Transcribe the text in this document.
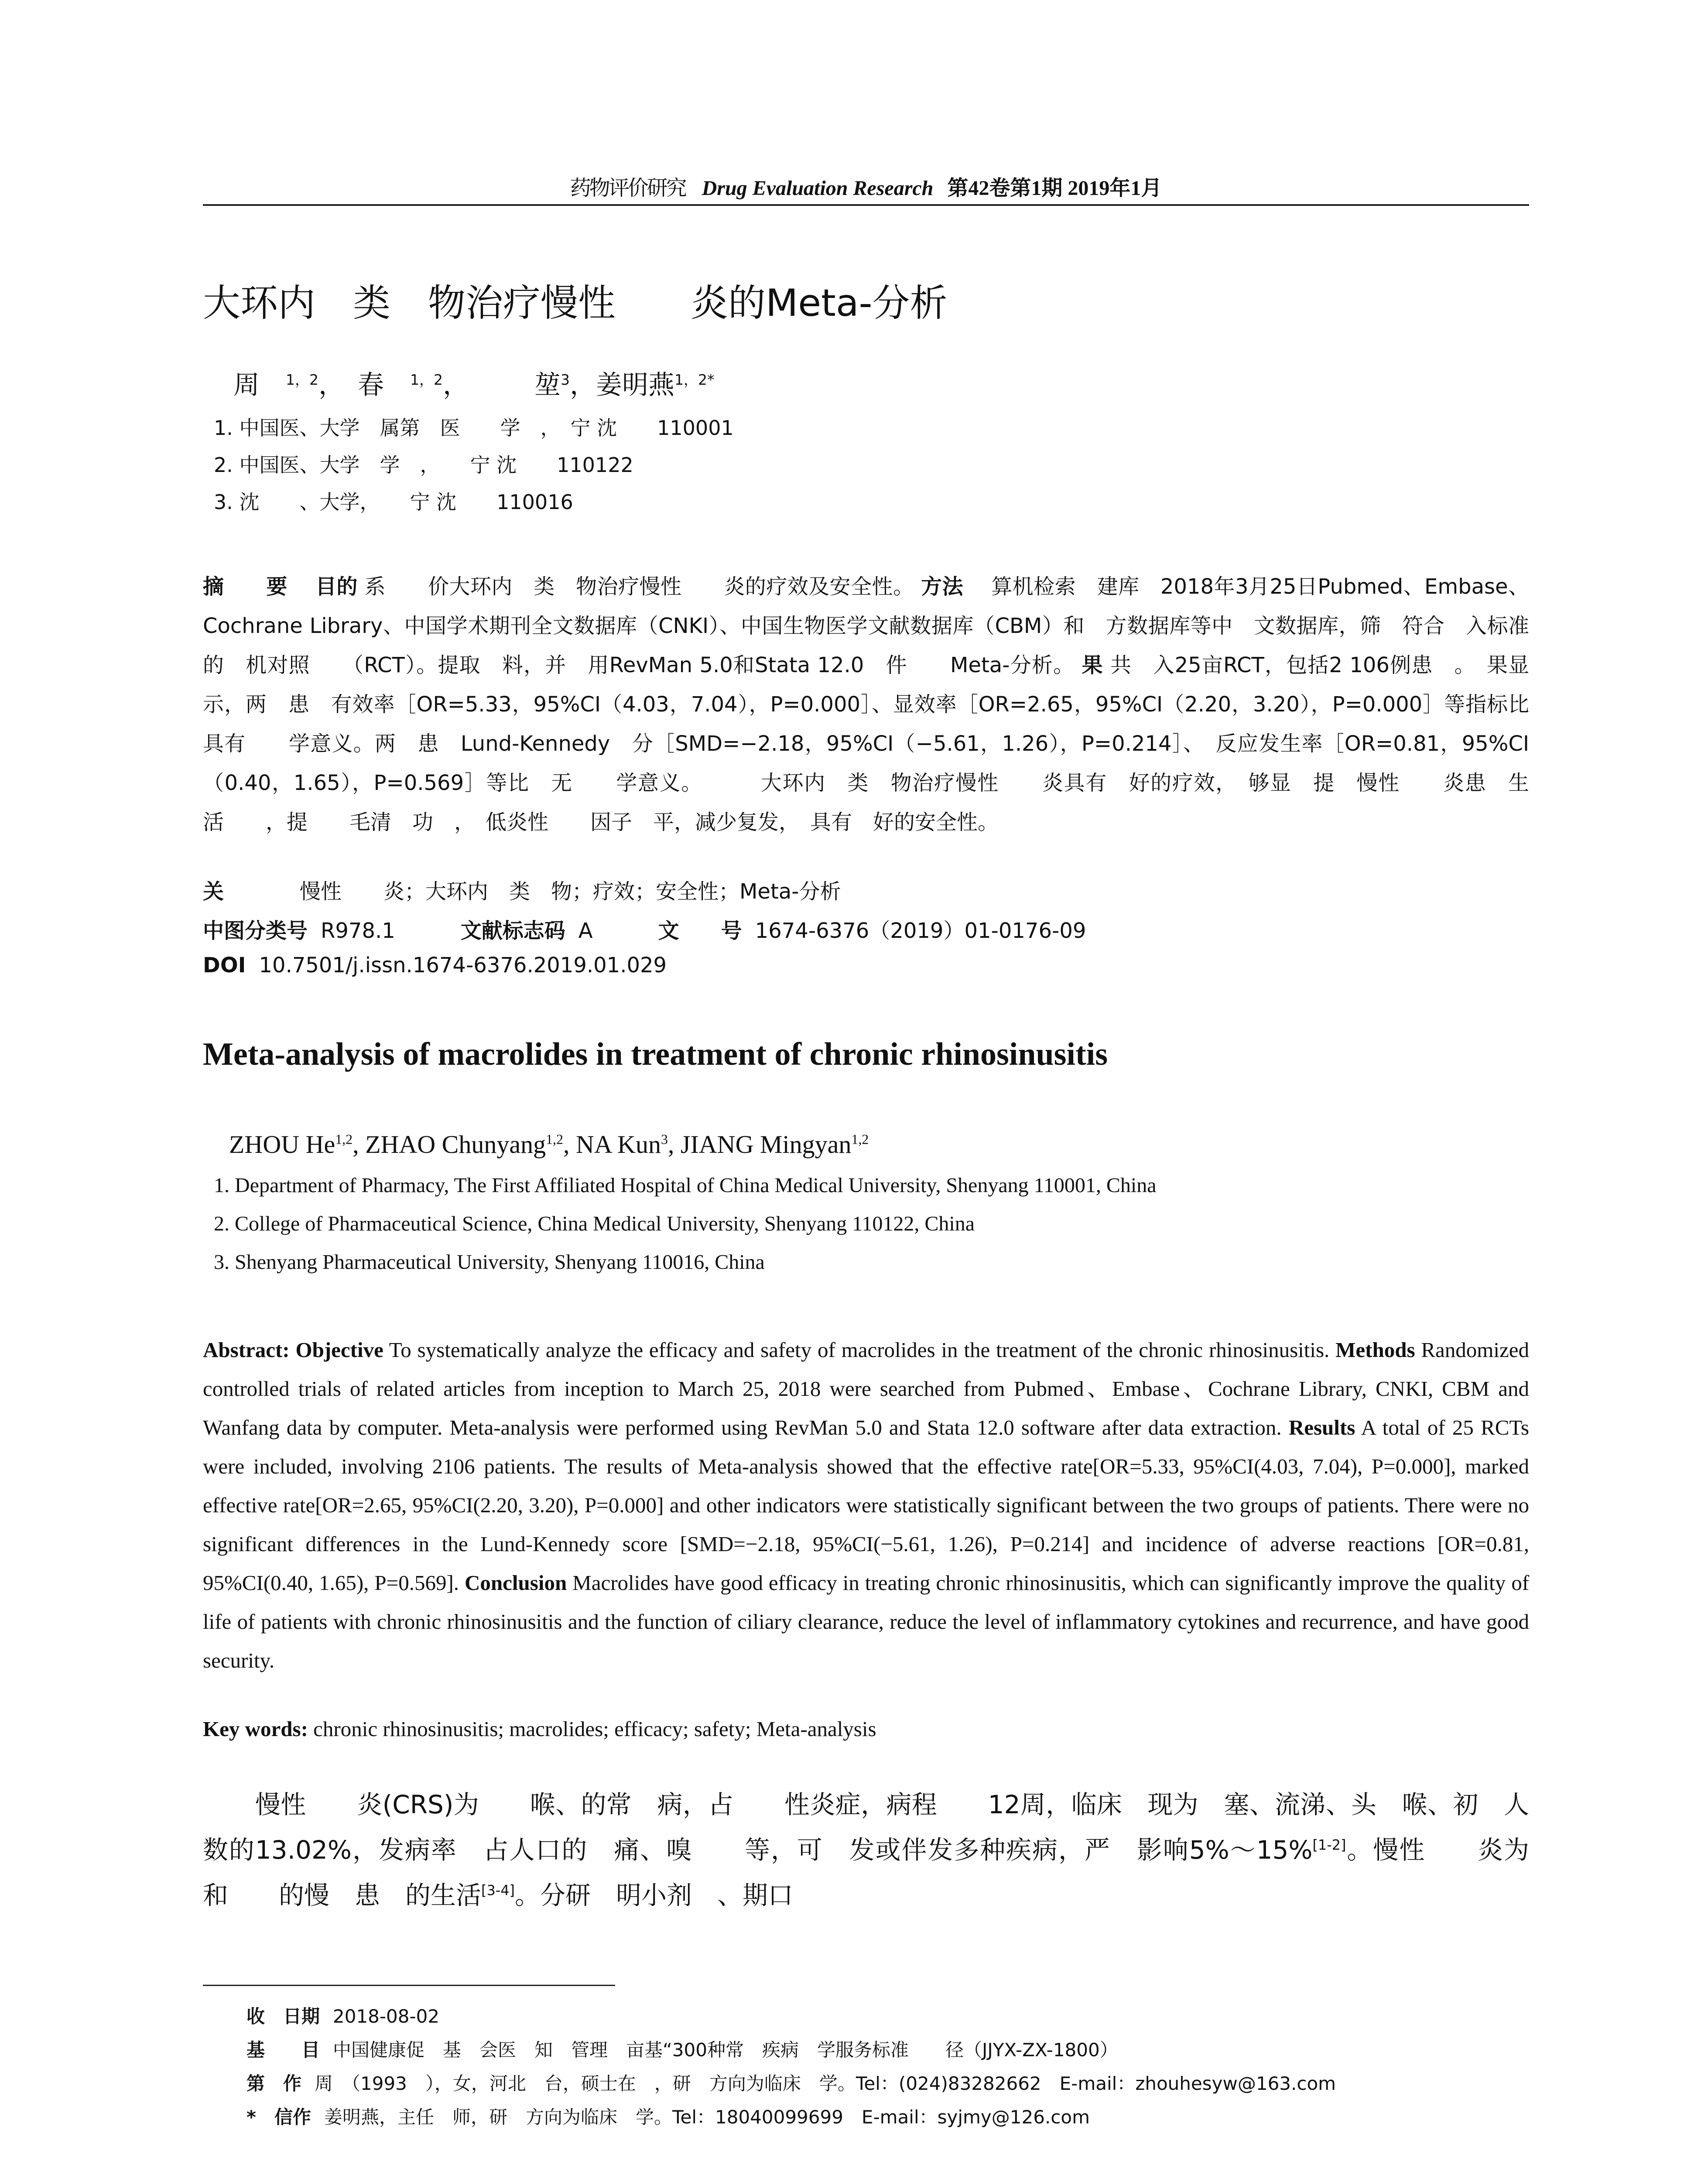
药物评价研究 Drug Evaluation Research 第42卷第1期 2019年1月
大环内　类　物治疗慢性　　炎的Meta-分析
周　$^{1,2}$，　春　$^{1,2}$，　　　堃$^3$，姜明燕$^{1,2*}$
1. 中国医、大学　属第　医　　学　，　宁 沈　　110001
2. 中国医、大学　学　，　　宁 沈　　110122
3. 沈　　、大学，　　宁 沈　　110016
摘　　要　 目的 系　　价大环内　类　物治疗慢性　　炎的疗效及安全性。 方法 　算机检索　建库　2018年3月25日Pubmed、Embase、Cochrane Library、中国学术期刊全文数据库（CNKI）、中国生物医学文献数据库（CBM）和　方数据库等中　文数据库，筛　符合　入标准的　机对照　　（RCT）。提取　料，并　用RevMan 5.0和Stata 12.0　件　　Meta-分析。 果 共　入25亩RCT，包括2 106例患　。　果显示，两　患　有效率［OR=5.33，95%CI（4.03，7.04），P=0.000］、显效率［OR=2.65，95%CI（2.20，3.20），P=0.000］等指标比　具有　　学意义。两　患　Lund-Kennedy　分［SMD=−2.18，95%CI（−5.61，1.26），P=0.214］、　反应发生率［OR=0.81，95%CI（0.40，1.65），P=0.569］等比　无　　学意义。 　 　大环内　类　物治疗慢性　　炎具有　好的疗效，　够显　提　慢性　　炎患　生活　　，提　　毛清　功　，　低炎性　　因子　平，减少复发，　具有　好的安全性。
关　　　慢性　　炎；大环内　类　物；疗效；安全性；Meta-分析
中图分类号 R978.1	文献标志码 A	文　　号 1674-6376（2019）01-0176-09
DOI 10.7501/j.issn.1674-6376.2019.01.029
Meta-analysis of macrolides in treatment of chronic rhinosinusitis
ZHOU He$^{1,2}$, ZHAO Chunyang$^{1,2}$, NA Kun$^3$, JIANG Mingyan$^{1,2}$
1. Department of Pharmacy, The First Affiliated Hospital of China Medical University, Shenyang 110001, China
2. College of Pharmaceutical Science, China Medical University, Shenyang 110122, China
3. Shenyang Pharmaceutical University, Shenyang 110016, China
Abstract: Objective To systematically analyze the efficacy and safety of macrolides in the treatment of the chronic rhinosinusitis. Methods Randomized controlled trials of related articles from inception to March 25, 2018 were searched from Pubmed、Embase、Cochrane Library, CNKI, CBM and Wanfang data by computer. Meta-analysis were performed using RevMan 5.0 and Stata 12.0 software after data extraction. Results A total of 25 RCTs were included, involving 2106 patients. The results of Meta-analysis showed that the effective rate[OR=5.33, 95%CI(4.03, 7.04), P=0.000], marked effective rate[OR=2.65, 95%CI(2.20, 3.20), P=0.000] and other indicators were statistically significant between the two groups of patients. There were no significant differences in the Lund-Kennedy score [SMD=−2.18, 95%CI(−5.61, 1.26), P=0.214] and incidence of adverse reactions [OR=0.81, 95%CI(0.40, 1.65), P=0.569]. Conclusion Macrolides have good efficacy in treating chronic rhinosinusitis, which can significantly improve the quality of life of patients with chronic rhinosinusitis and the function of ciliary clearance, reduce the level of inflammatory cytokines and recurrence, and have good security.
Key words: chronic rhinosinusitis; macrolides; efficacy; safety; Meta-analysis
慢性　　炎(CRS)为　　喉、的常　病，占　　性炎症，病程　　12周，临床　现为　塞、流涕、头　喉、初　人数的13.02%，发病率　占人口的　痛、嗅　　等，可　发或伴发多种疾病，严　影响5%～15%[1-2]。慢性　　炎为　　和　　的慢　患　的生活[3-4]。分研　明小剂　、期口
收　日期 2018-08-02
基　　目 中国健康促　基　会医　知　管理　亩基“300种常　疾病　学服务标准　　径（JJYX-ZX-1800）
第　作 周　（1993　），女，河北　台，硕士在　，研　方向为临床　学。Tel：(024)83282662　E-mail：zhouhesyw@163.com
*　信作 姜明燕，主任　师，研　方向为临床　学。Tel：18040099699　E-mail：syjmy@126.com
